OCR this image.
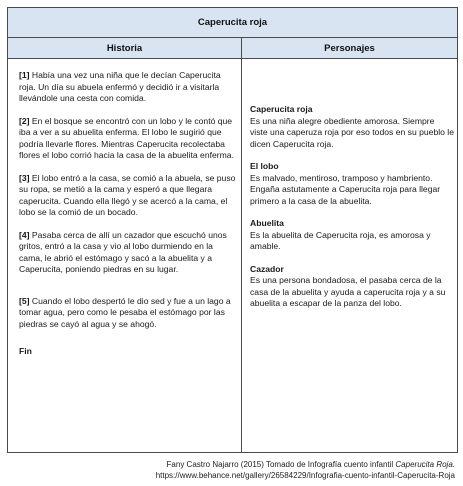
Caperucita roja
Historia	Personajes

[1] Había una vez una niña que le decían Caperucita roja. Un día su abuela enfermó y decidió ir a visitarla llevándole una cesta con comida.

[2] En el bosque se encontró con un lobo y le contó que iba a ver a su abuelita enferma. El lobo le sugirió que podría llevarle flores. Mientras Caperucita recolectaba flores el lobo corrió hacia la casa de la abuelita enferma.

[3] El lobo entró a la casa, se comió a la abuela, se puso su ropa, se metió a la cama y esperó a que llegara caperucita. Cuando ella llegó y se acercó a la cama, el lobo se la comió de un bocado.

[4] Pasaba cerca de allí un cazador que escuchó unos gritos, entró a la casa y vio al lobo durmiendo en la cama, le abrió el estómago y sacó a la abuelita y a Caperucita, poniendo piedras en su lugar.

[5] Cuando el lobo despertó le dio sed y fue a un lago a tomar agua, pero como le pesaba el estómago por las piedras se cayó al agua y se ahogó.

Fin
Caperucita roja
Es una niña alegre obediente amorosa. Siempre viste una caperuza roja por eso todos en su pueblo le dicen Caperucita roja.
El lobo
Es malvado, mentiroso, tramposo y hambriento. Engaña astutamente a Caperucita roja para llegar primero a la casa de la abuelita.
Abuelita
Es la abuelita de Caperucita roja, es amorosa y amable.
Cazador
Es una persona bondadosa, el pasaba cerca de la casa de la abuelita y ayuda a caperucita roja y a su abuelita a escapar de la panza del lobo.
Fany Castro Najarro (2015) Tomado de Infografía cuento infantil Caperucita Roja.
https://www.behance.net/gallery/26584229/Infografia-cuento-infantil-Caperucita-Roja
